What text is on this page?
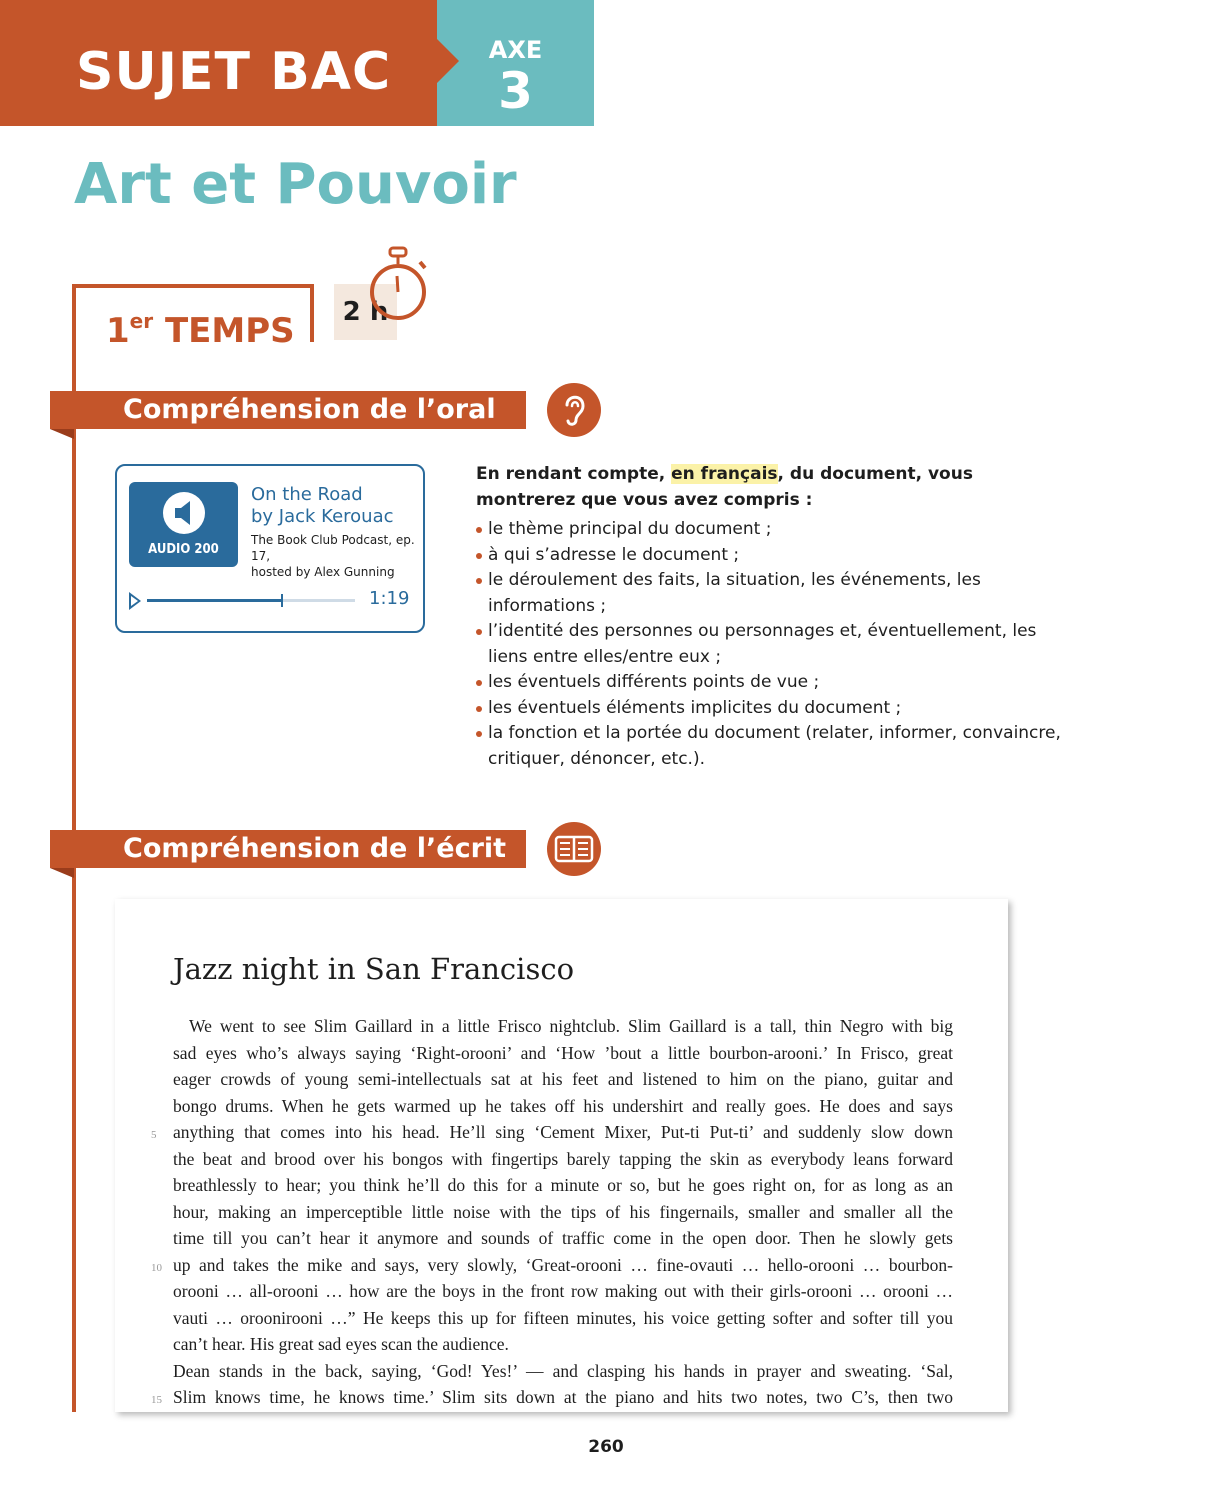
SUJET BAC	AXE
3
Art et Pouvoir
1er TEMPS	2 h
Compréhension de l’oral
AUDIO 200
On the Road
by Jack Kerouac
The Book Club Podcast, ep. 17,
hosted by Alex Gunning
1:19

En rendant compte, en français, du document, vous montrerez que vous avez compris :

le thème principal du document ;
à qui s’adresse le document ;
le déroulement des faits, la situation, les événements, les informations ;
l’identité des personnes ou personnages et, éventuellement, les liens entre elles/entre eux ;
les éventuels différents points de vue ;
les éventuels éléments implicites du document ;
la fonction et la portée du document (relater, informer, convaincre, critiquer, dénoncer, etc.).
Compréhension de l’écrit
Jazz night in San Francisco

We went to see Slim Gaillard in a little Frisco nightclub. Slim Gaillard is a tall, thin Negro with big

sad eyes who’s always saying ‘Right-orooni’ and ‘How ’bout a little bourbon-arooni.’ In Frisco, great

eager crowds of young semi-intellectuals sat at his feet and listened to him on the piano, guitar and

bongo drums. When he gets warmed up he takes off his undershirt and really goes. He does and says

anything that comes into his head. He’ll sing ‘Cement Mixer, Put-ti Put-ti’ and suddenly slow down

the beat and brood over his bongos with fingertips barely tapping the skin as everybody leans forward

breathlessly to hear; you think he’ll do this for a minute or so, but he goes right on, for as long as an

hour, making an imperceptible little noise with the tips of his fingernails, smaller and smaller all the

time till you can’t hear it anymore and sounds of traffic come in the open door. Then he slowly gets

up and takes the mike and says, very slowly, ‘Great-orooni … fine-ovauti … hello-orooni … bourbon-

orooni … all-orooni … how are the boys in the front row making out with their girls-orooni … orooni …

vauti … oroonirooni …” He keeps this up for fifteen minutes, his voice getting softer and softer till you

can’t hear. His great sad eyes scan the audience.

Dean stands in the back, saying, ‘God! Yes!’ — and clasping his hands in prayer and sweating. ‘Sal,

Slim knows time, he knows time.’ Slim sits down at the piano and hits two notes, two C’s, then two

5
10
15
260
